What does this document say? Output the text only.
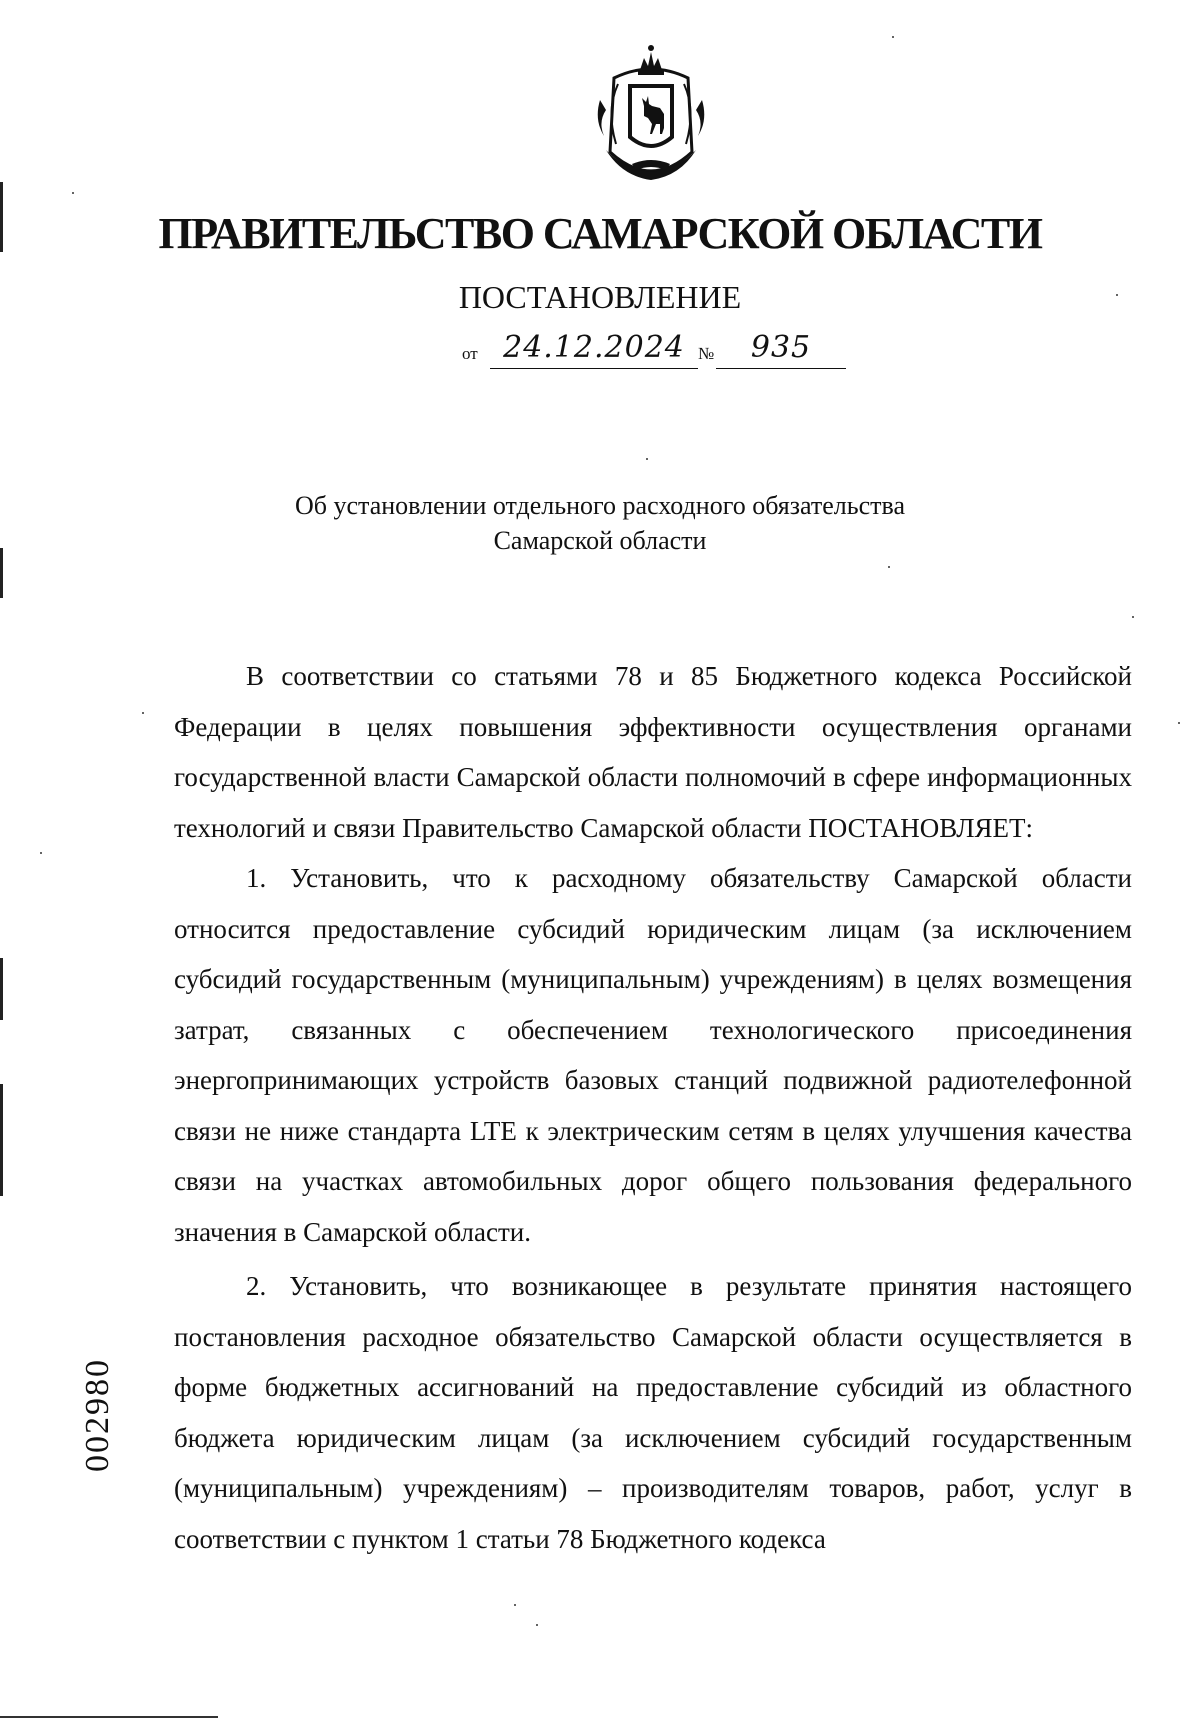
ПРАВИТЕЛЬСТВО САМАРСКОЙ ОБЛАСТИ
ПОСТАНОВЛЕНИЕ
от 24.12.2024 №	935
Об установлении отдельного расходного обязательства
Самарской области

В соответствии со статьями 78 и 85 Бюджетного кодекса Российской Федерации в целях повышения эффективности осуществления органами государственной власти Самарской области полномочий в сфере информационных технологий и связи Правительство Самарской области ПОСТАНОВЛЯЕТ:

1. Установить, что к расходному обязательству Самарской области относится предоставление субсидий юридическим лицам (за исключением субсидий государственным (муниципальным) учреждениям) в целях возмещения затрат, связанных с обеспечением технологического присоединения энергопринимающих устройств базовых станций подвижной радиотелефонной связи не ниже стандарта LTE к электрическим сетям в целях улучшения качества связи на участках автомобильных дорог общего пользования федерального значения в Самарской области.

2. Установить, что возникающее в результате принятия настоящего постановления расходное обязательство Самарской области осуществляется в форме бюджетных ассигнований на предоставление субсидий из областного бюджета юридическим лицам (за исключением субсидий государственным (муниципальным) учреждениям) – производителям товаров, работ, услуг в соответствии с пунктом 1 статьи 78 Бюджетного кодекса

002980
